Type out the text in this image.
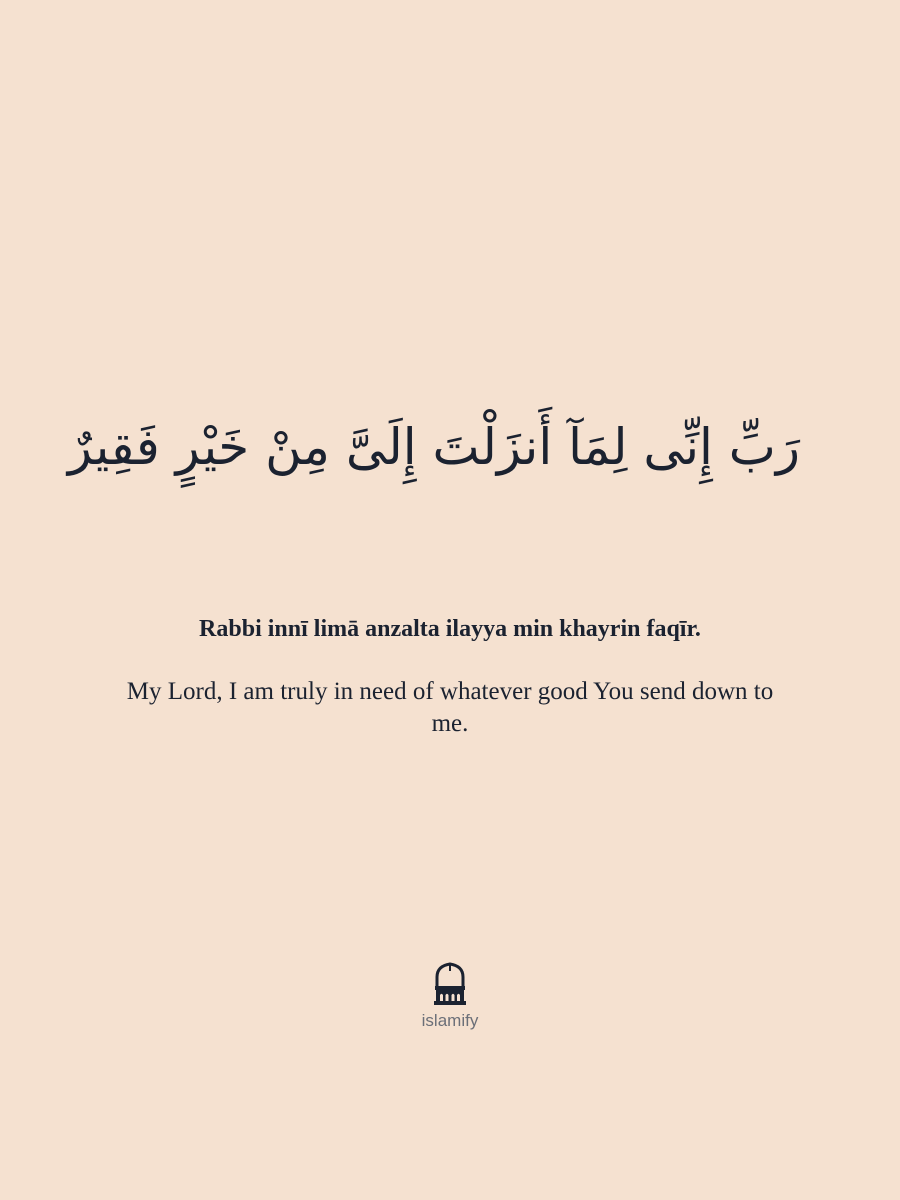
رَبِّ إِنِّى لِمَآ أَنزَلْتَ إِلَىَّ مِنْ خَيْرٍ فَقِيرٌ
Rabbi innī limā anzalta ilayya min khayrin faqīr.
My Lord, I am truly in need of whatever good You send down to me.
islamify
